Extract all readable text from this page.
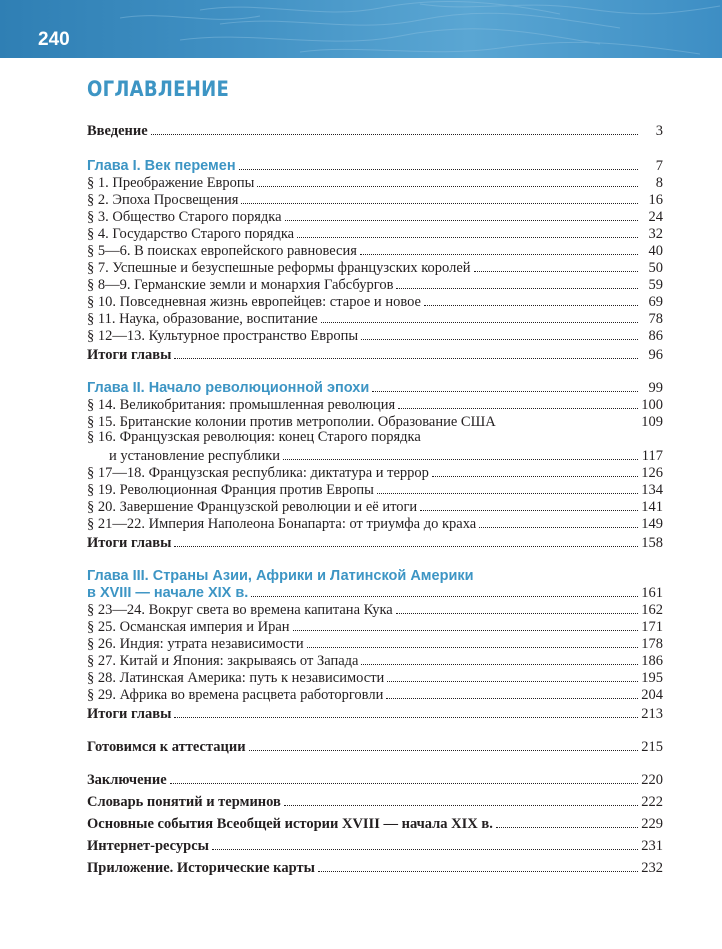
240
ОГЛАВЛЕНИЕ
Введение	3
Глава I. Век перемен	7
§ 1. Преображение Европы	8
§ 2. Эпоха Просвещения	16
§ 3. Общество Старого порядка	24
§ 4. Государство Старого порядка	32
§ 5—6. В поисках европейского равновесия	40
§ 7. Успешные и безуспешные реформы французских королей	50
§ 8—9. Германские земли и монархия Габсбургов	59
§ 10. Повседневная жизнь европейцев: старое и новое	69
§ 11. Наука, образование, воспитание	78
§ 12—13. Культурное пространство Европы	86
Итоги главы	96
Глава II. Начало революционной эпохи	99
§ 14. Великобритания: промышленная революция	100
§ 15. Британские колонии против метрополии. Образование США	109
§ 16. Французская революция: конец Старого порядка
и установление республики	117
§ 17—18. Французская республика: диктатура и террор	126
§ 19. Революционная Франция против Европы	134
§ 20. Завершение Французской революции и её итоги	141
§ 21—22. Империя Наполеона Бонапарта: от триумфа до краха	149
Итоги главы	158
Глава III. Страны Азии, Африки и Латинской Америки
в XVIII — начале XIX в.	161
§ 23—24. Вокруг света во времена капитана Кука	162
§ 25. Османская империя и Иран	171
§ 26. Индия: утрата независимости	178
§ 27. Китай и Япония: закрываясь от Запада	186
§ 28. Латинская Америка: путь к независимости	195
§ 29. Африка во времена расцвета работорговли	204
Итоги главы	213
Готовимся к аттестации	215
Заключение	220
Словарь понятий и терминов	222
Основные события Всеобщей истории XVIII — начала XIX в.	229
Интернет-ресурсы	231
Приложение. Исторические карты	232
